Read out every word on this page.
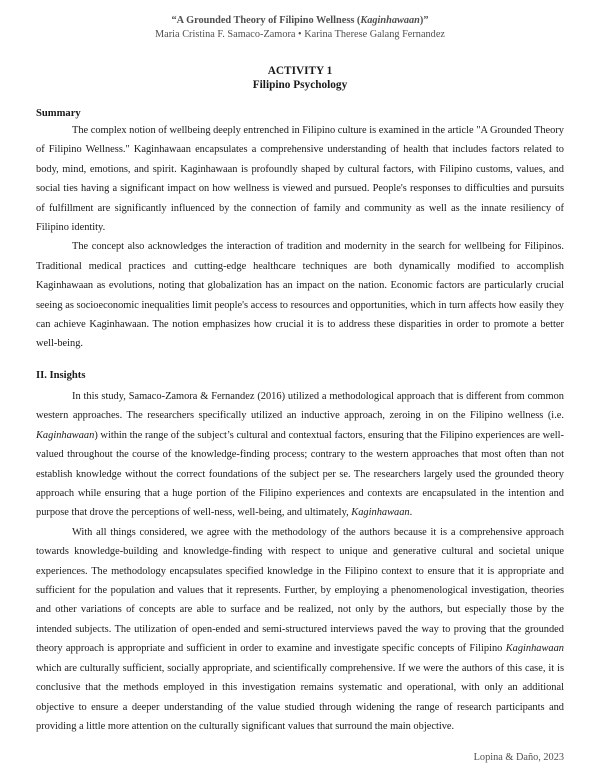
“A Grounded Theory of Filipino Wellness (Kaginhawaan)”
Maria Cristina F. Samaco-Zamora • Karina Therese Galang Fernandez
ACTIVITY 1
Filipino Psychology
Summary

The complex notion of wellbeing deeply entrenched in Filipino culture is examined in the article "A Grounded Theory of Filipino Wellness." Kaginhawaan encapsulates a comprehensive understanding of health that includes factors related to body, mind, emotions, and spirit. Kaginhawaan is profoundly shaped by cultural factors, with Filipino customs, values, and social ties having a significant impact on how wellness is viewed and pursued. People's responses to difficulties and pursuits of fulfillment are significantly influenced by the connection of family and community as well as the innate resiliency of Filipino identity.

The concept also acknowledges the interaction of tradition and modernity in the search for wellbeing for Filipinos. Traditional medical practices and cutting-edge healthcare techniques are both dynamically modified to accomplish Kaginhawaan as evolutions, noting that globalization has an impact on the nation. Economic factors are particularly crucial seeing as socioeconomic inequalities limit people's access to resources and opportunities, which in turn affects how easily they can achieve Kaginhawaan. The notion emphasizes how crucial it is to address these disparities in order to promote a better well-being.

II. Insights

In this study, Samaco-Zamora & Fernandez (2016) utilized a methodological approach that is different from common western approaches. The researchers specifically utilized an inductive approach, zeroing in on the Filipino wellness (i.e. Kaginhawaan) within the range of the subject’s cultural and contextual factors, ensuring that the Filipino experiences are well-valued throughout the course of the knowledge-finding process; contrary to the western approaches that most often than not establish knowledge without the correct foundations of the subject per se. The researchers largely used the grounded theory approach while ensuring that a huge portion of the Filipino experiences and contexts are encapsulated in the intention and purpose that drove the perceptions of well-ness, well-being, and ultimately, Kaginhawaan.

With all things considered, we agree with the methodology of the authors because it is a comprehensive approach towards knowledge-building and knowledge-finding with respect to unique and generative cultural and societal unique experiences. The methodology encapsulates specified knowledge in the Filipino context to ensure that it is appropriate and sufficient for the population and values that it represents. Further, by employing a phenomenological investigation, theories and other variations of concepts are able to surface and be realized, not only by the authors, but especially those by the intended subjects. The utilization of open-ended and semi-structured interviews paved the way to proving that the grounded theory approach is appropriate and sufficient in order to examine and investigate specific concepts of Filipino Kaginhawaan which are culturally sufficient, socially appropriate, and scientifically comprehensive. If we were the authors of this case, it is conclusive that the methods employed in this investigation remains systematic and operational, with only an additional objective to ensure a deeper understanding of the value studied through widening the range of research participants and providing a little more attention on the culturally significant values that surround the main objective.

Lopina & Daño, 2023
